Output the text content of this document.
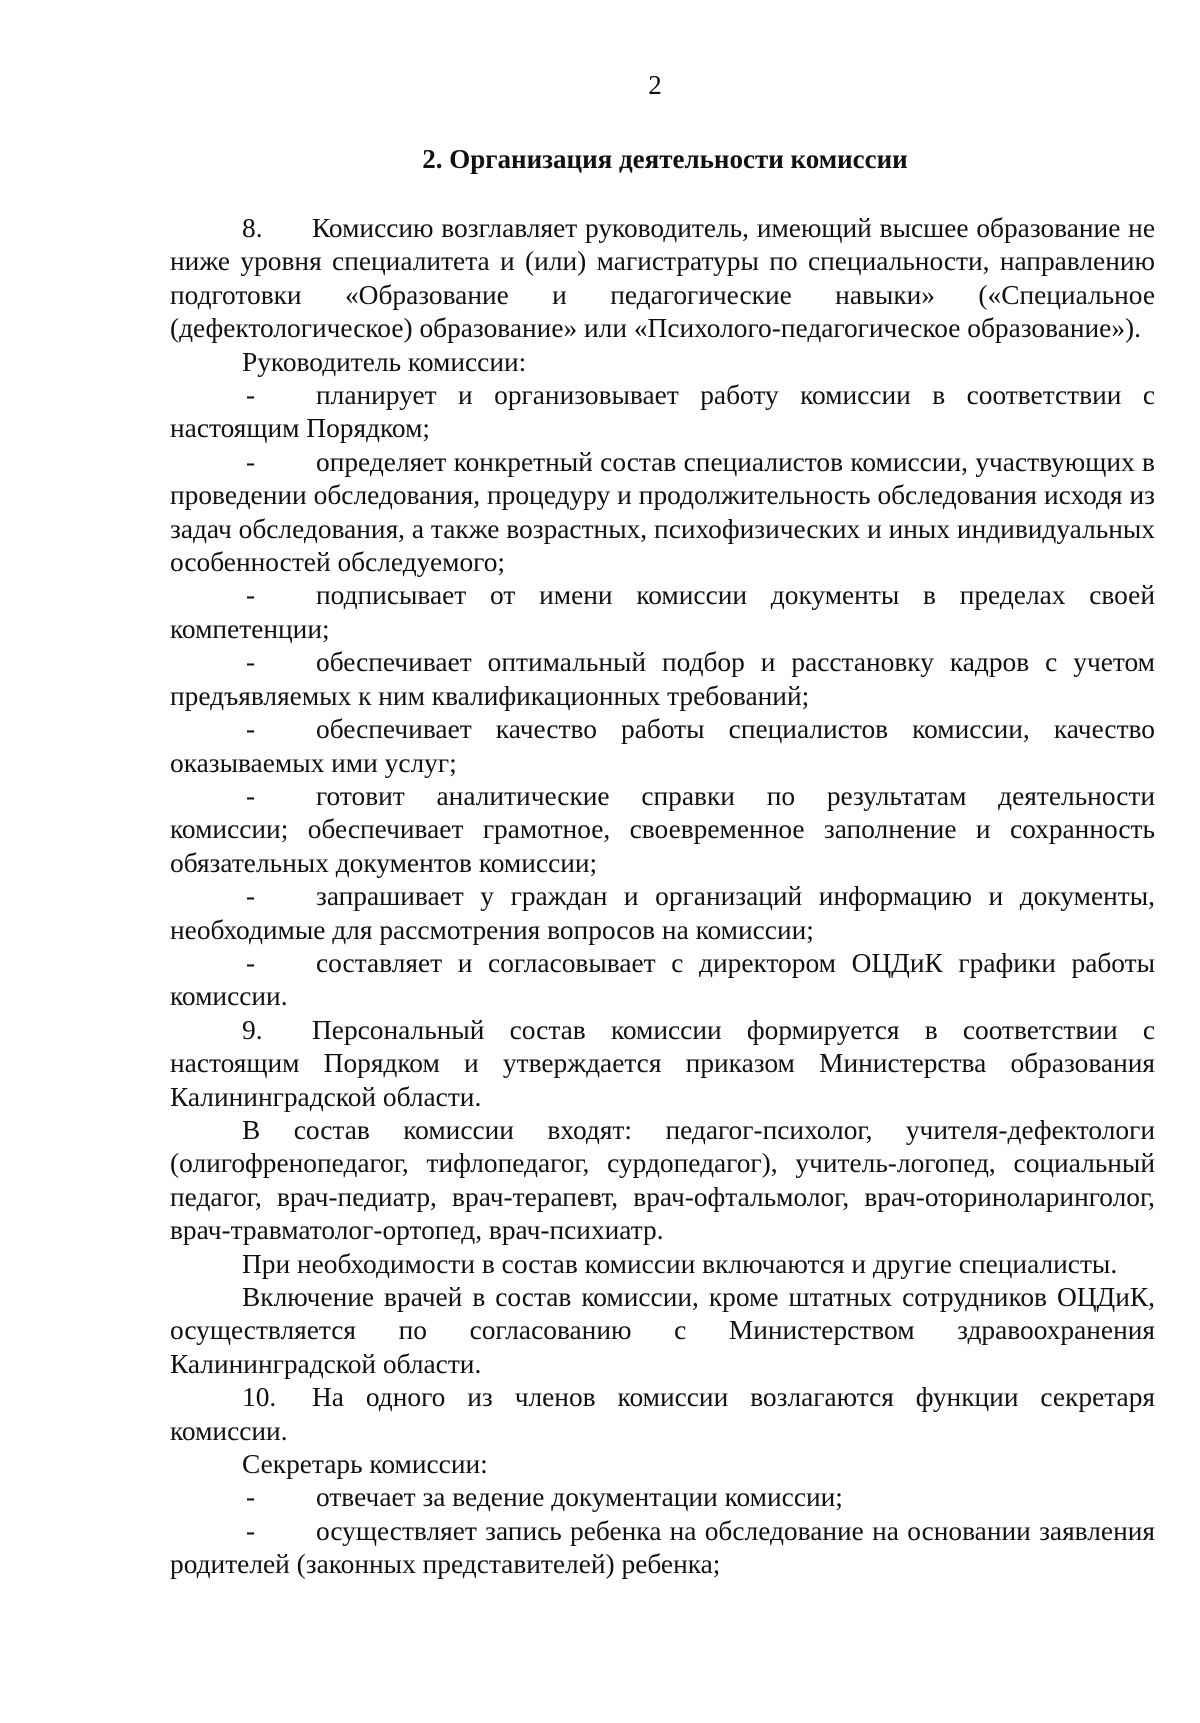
2
2. Организация деятельности комиссии

8. Комиссию возглавляет руководитель, имеющий высшее образование не ниже уровня специалитета и (или) магистратуры по специальности, направлению подготовки «Образование и педагогические навыки» («Специальное (дефектологическое) образование» или «Психолого-педагогическое образование»).

Руководитель комиссии:

- планирует и организовывает работу комиссии в соответствии с настоящим Порядком;

- определяет конкретный состав специалистов комиссии, участвующих в проведении обследования, процедуру и продолжительность обследования исходя из задач обследования, а также возрастных, психофизических и иных индивидуальных особенностей обследуемого;

- подписывает от имени комиссии документы в пределах своей компетенции;

- обеспечивает оптимальный подбор и расстановку кадров с учетом предъявляемых к ним квалификационных требований;

- обеспечивает качество работы специалистов комиссии, качество оказываемых ими услуг;

- готовит аналитические справки по результатам деятельности комиссии; обеспечивает грамотное, своевременное заполнение и сохранность обязательных документов комиссии;

- запрашивает у граждан и организаций информацию и документы, необходимые для рассмотрения вопросов на комиссии;

- составляет и согласовывает с директором ОЦДиК графики работы комиссии.

9. Персональный состав комиссии формируется в соответствии с настоящим Порядком и утверждается приказом Министерства образования Калининградской области.

В состав комиссии входят: педагог-психолог, учителя-дефектологи (олигофренопедагог, тифлопедагог, сурдопедагог), учитель-логопед, социальный педагог, врач-педиатр, врач-терапевт, врач-офтальмолог, врач-оториноларинголог, врач-травматолог-ортопед, врач-психиатр.

При необходимости в состав комиссии включаются и другие специалисты.

Включение врачей в состав комиссии, кроме штатных сотрудников ОЦДиК, осуществляется по согласованию с Министерством здравоохранения Калининградской области.

10. На одного из членов комиссии возлагаются функции секретаря комиссии.

Секретарь комиссии:

- отвечает за ведение документации комиссии;

- осуществляет запись ребенка на обследование на основании заявления родителей (законных представителей) ребенка;
